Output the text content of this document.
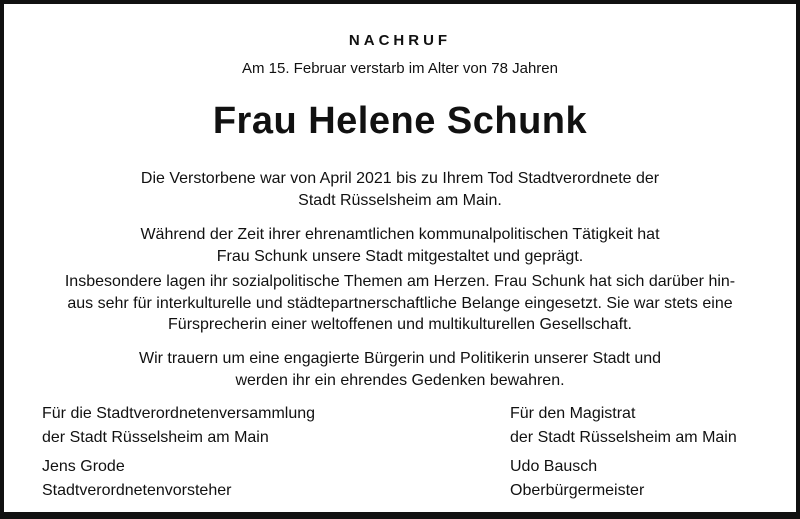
NACHRUF
Am 15. Februar verstarb im Alter von 78 Jahren
Frau Helene Schunk
Die Verstorbene war von April 2021 bis zu Ihrem Tod Stadtverordnete der
Stadt Rüsselsheim am Main.
Während der Zeit ihrer ehrenamtlichen kommunalpolitischen Tätigkeit hat
Frau Schunk unsere Stadt mitgestaltet und geprägt.
Insbesondere lagen ihr sozialpolitische Themen am Herzen. Frau Schunk hat sich darüber hin-
aus sehr für interkulturelle und städtepartnerschaftliche Belange eingesetzt. Sie war stets eine
Fürsprecherin einer weltoffenen und multikulturellen Gesellschaft.
Wir trauern um eine engagierte Bürgerin und Politikerin unserer Stadt und
werden ihr ein ehrendes Gedenken bewahren.
Für die Stadtverordnetenversammlung
der Stadt Rüsselsheim am Main
Jens Grode
Stadtverordnetenvorsteher
Für den Magistrat
der Stadt Rüsselsheim am Main
Udo Bausch
Oberbürgermeister
